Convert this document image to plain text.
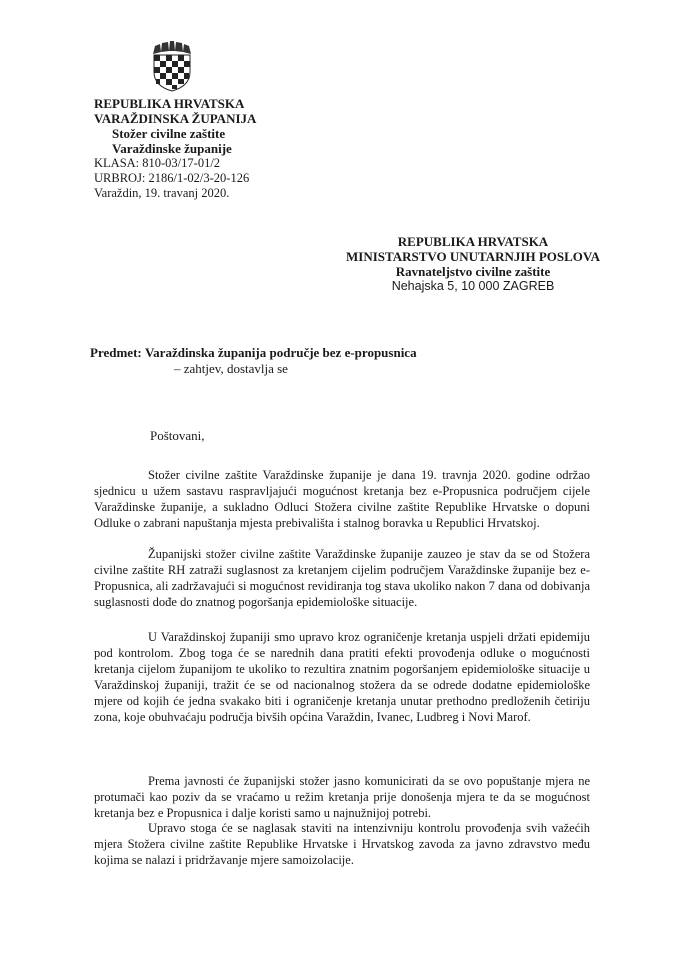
REPUBLIKA HRVATSKA
VARAŽDINSKA ŽUPANIJA
Stožer civilne zaštite
Varaždinske županije
KLASA: 810-03/17-01/2
URBROJ: 2186/1-02/3-20-126
Varaždin, 19. travanj 2020.
REPUBLIKA HRVATSKA
MINISTARSTVO UNUTARNJIH POSLOVA
Ravnateljstvo civilne zaštite
Nehajska 5, 10 000 ZAGREB
Predmet: Varaždinska županija područje bez e-propusnica
– zahtjev, dostavlja se
Poštovani,

Stožer civilne zaštite Varaždinske županije je dana 19. travnja 2020. godine održao sjednicu u užem sastavu raspravljajući mogućnost kretanja bez e-Propusnica područjem cijele Varaždinske županije, a sukladno Odluci Stožera civilne zaštite Republike Hrvatske o dopuni Odluke o zabrani napuštanja mjesta prebivališta i stalnog boravka u Republici Hrvatskoj.

Županijski stožer civilne zaštite Varaždinske županije zauzeo je stav da se od Stožera civilne zaštite RH zatraži suglasnost za kretanjem cijelim područjem Varaždinske županije bez e-Propusnica, ali zadržavajući si mogućnost revidiranja tog stava ukoliko nakon 7 dana od dobivanja suglasnosti dođe do znatnog pogoršanja epidemiološke situacije.

U Varaždinskoj županiji smo upravo kroz ograničenje kretanja uspjeli držati epidemiju pod kontrolom. Zbog toga će se narednih dana pratiti efekti provođenja odluke o mogućnosti kretanja cijelom županijom te ukoliko to rezultira znatnim pogoršanjem epidemiološke situacije u Varaždinskoj županiji, tražit će se od nacionalnog stožera da se odrede dodatne epidemiološke mjere od kojih će jedna svakako biti i ograničenje kretanja unutar prethodno predloženih četiriju zona, koje obuhvaćaju područja bivših općina Varaždin, Ivanec, Ludbreg i Novi Marof.

Prema javnosti će županijski stožer jasno komunicirati da se ovo popuštanje mjera ne protumači kao poziv da se vraćamo u režim kretanja prije donošenja mjera te da se mogućnost kretanja bez e Propusnica i dalje koristi samo u najnužnijoj potrebi.

Upravo stoga će se naglasak staviti na intenzivniju kontrolu provođenja svih važećih mjera Stožera civilne zaštite Republike Hrvatske i Hrvatskog zavoda za javno zdravstvo među kojima se nalazi i pridržavanje mjere samoizolacije.
